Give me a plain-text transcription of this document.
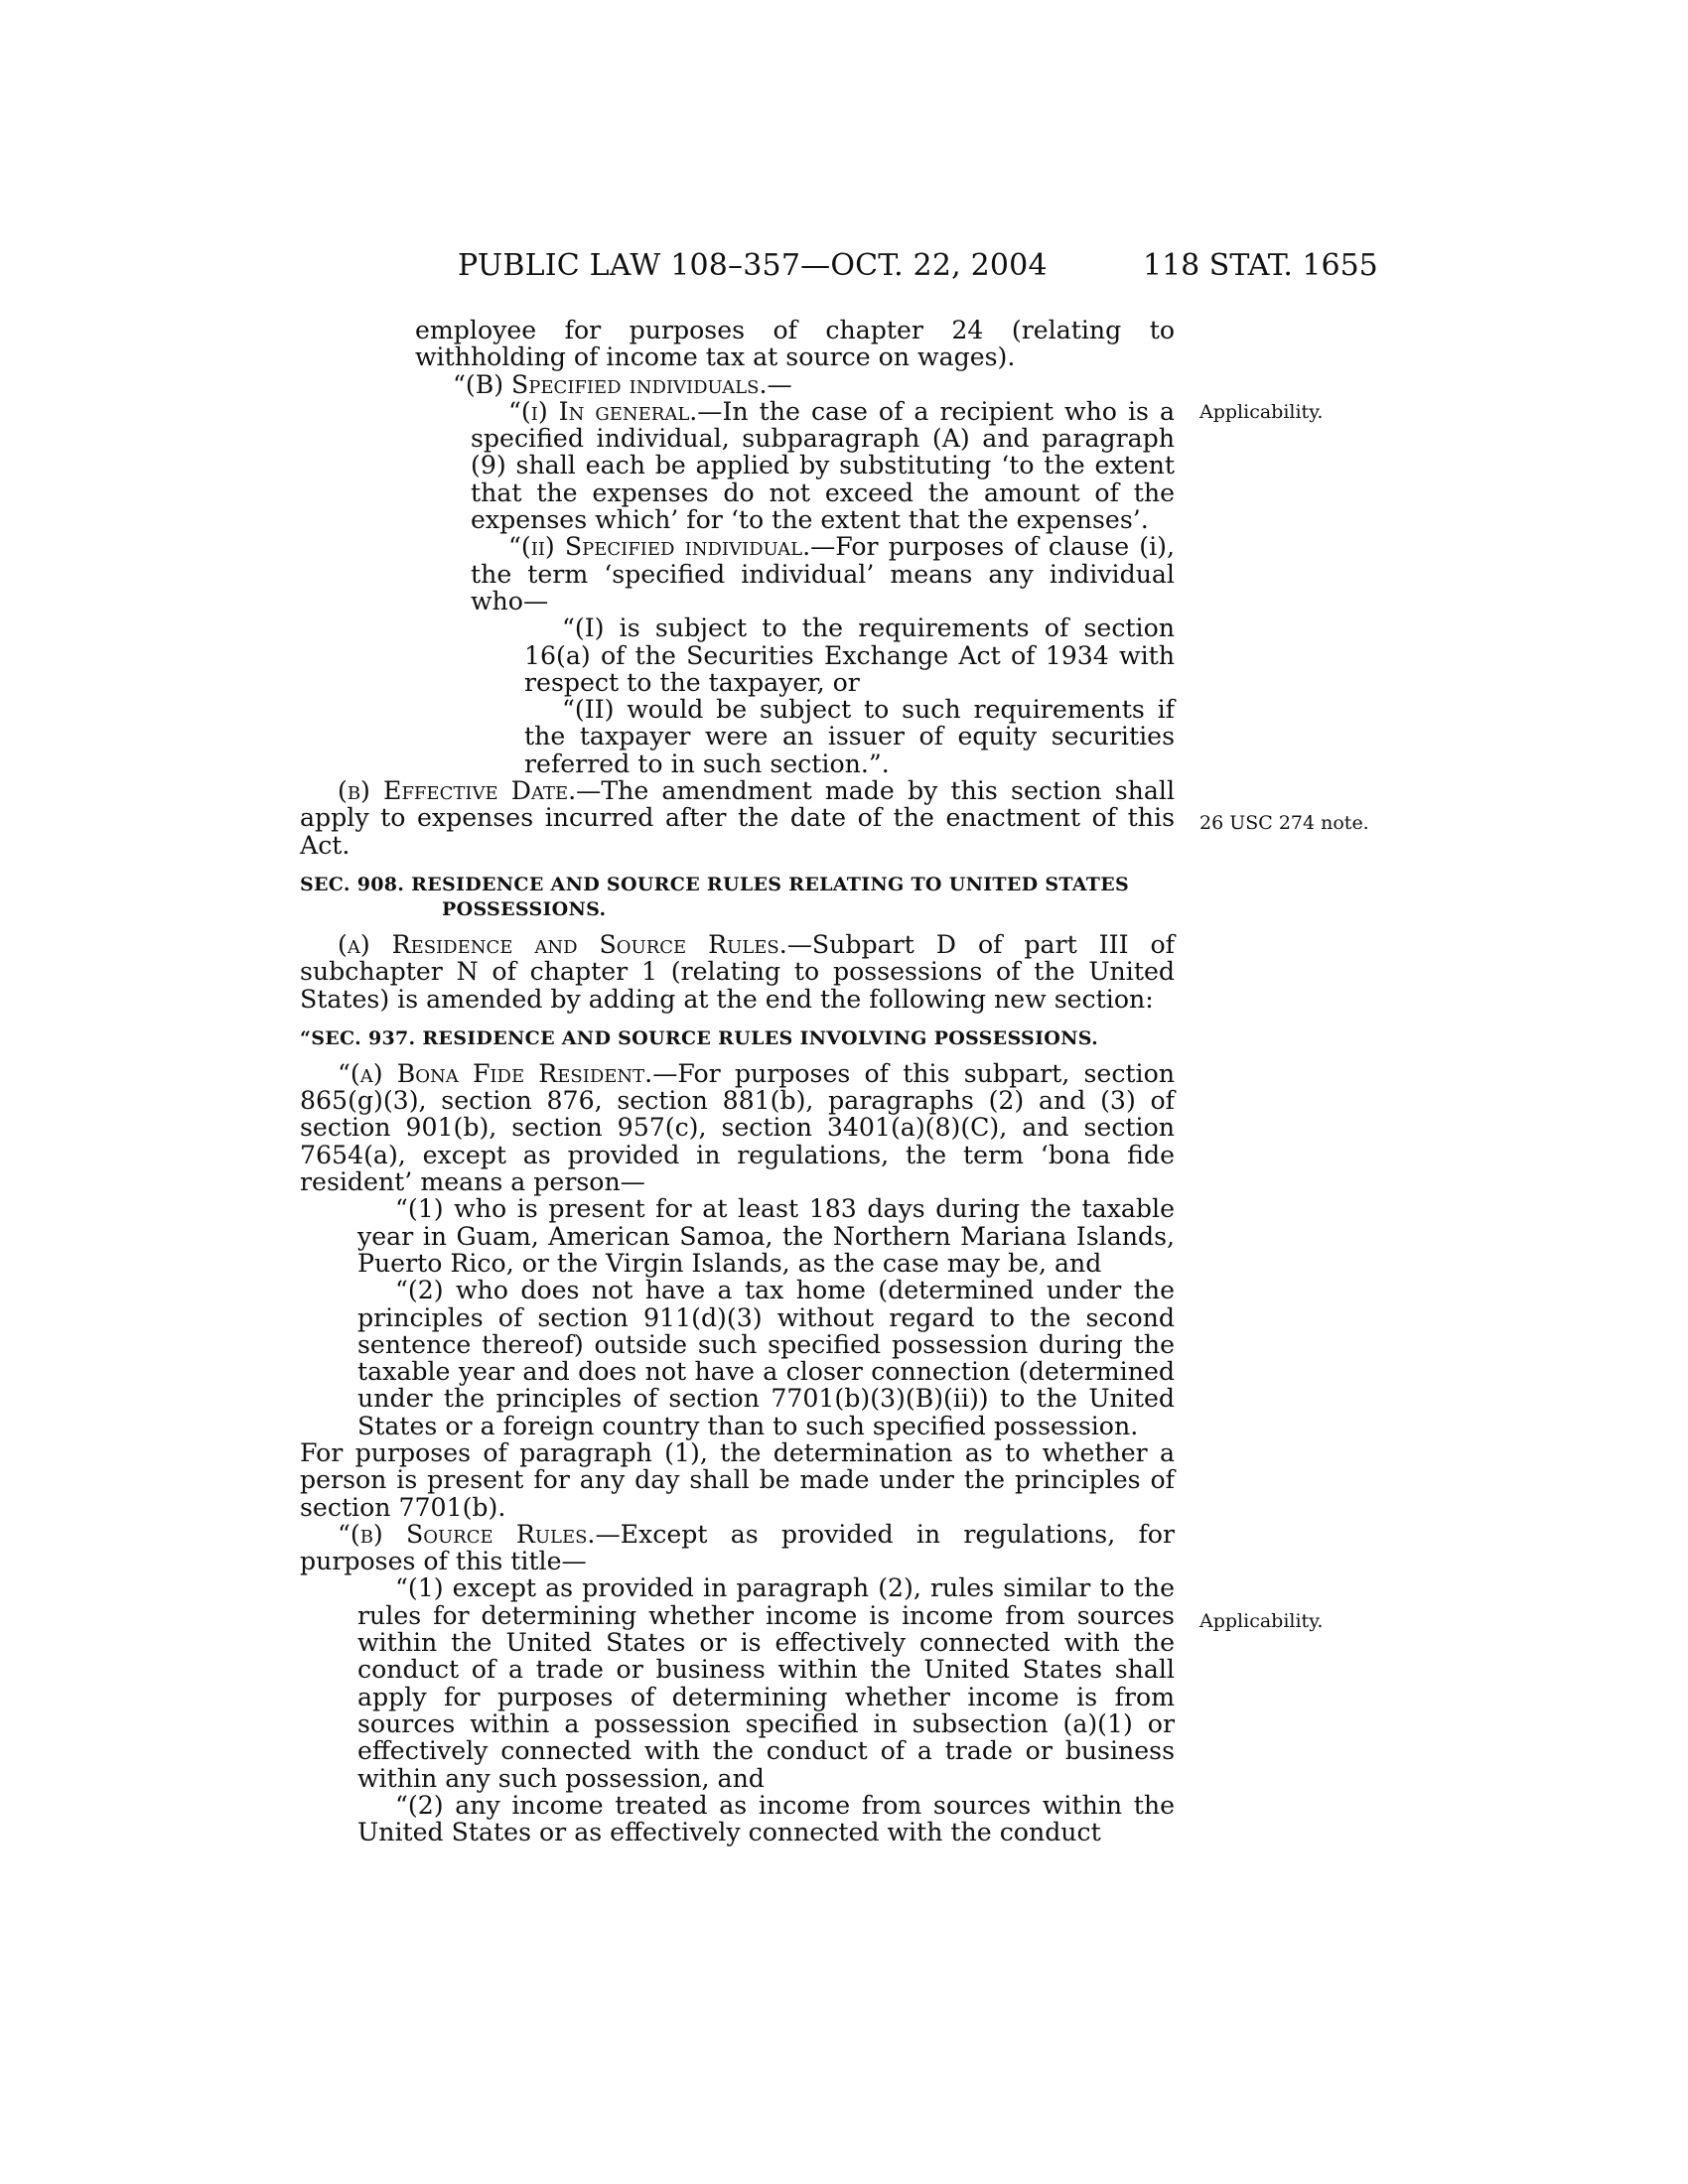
PUBLIC LAW 108–357—OCT. 22, 2004	118 STAT. 1655
Applicability.
26 USC 274 note.
Applicability.

employee for purposes of chapter 24 (relating to withholding of income tax at source on wages).

“(B) Specified individuals.—

“(i) In general.—In the case of a recipient who is a specified individual, subparagraph (A) and paragraph (9) shall each be applied by substituting ‘to the extent that the expenses do not exceed the amount of the expenses which’ for ‘to the extent that the expenses’.

“(ii) Specified individual.—For purposes of clause (i), the term ‘specified individual’ means any individual who—

“(I) is subject to the requirements of section 16(a) of the Securities Exchange Act of 1934 with respect to the taxpayer, or

“(II) would be subject to such requirements if the taxpayer were an issuer of equity securities referred to in such section.”.

(b) Effective Date.—The amendment made by this section shall apply to expenses incurred after the date of the enactment of this Act.

SEC. 908. RESIDENCE AND SOURCE RULES RELATING TO UNITED STATES POSSESSIONS.

(a) Residence and Source Rules.—Subpart D of part III of subchapter N of chapter 1 (relating to possessions of the United States) is amended by adding at the end the following new section:

“SEC. 937. RESIDENCE AND SOURCE RULES INVOLVING POSSESSIONS.

“(a) Bona Fide Resident.—For purposes of this subpart, section 865(g)(3), section 876, section 881(b), paragraphs (2) and (3) of section 901(b), section 957(c), section 3401(a)(8)(C), and section 7654(a), except as provided in regulations, the term ‘bona fide resident’ means a person—

“(1) who is present for at least 183 days during the taxable year in Guam, American Samoa, the Northern Mariana Islands, Puerto Rico, or the Virgin Islands, as the case may be, and

“(2) who does not have a tax home (determined under the principles of section 911(d)(3) without regard to the second sentence thereof) outside such specified possession during the taxable year and does not have a closer connection (determined under the principles of section 7701(b)(3)(B)(ii)) to the United States or a foreign country than to such specified possession.

For purposes of paragraph (1), the determination as to whether a person is present for any day shall be made under the principles of section 7701(b).

“(b) Source Rules.—Except as provided in regulations, for purposes of this title—

“(1) except as provided in paragraph (2), rules similar to the rules for determining whether income is income from sources within the United States or is effectively connected with the conduct of a trade or business within the United States shall apply for purposes of determining whether income is from sources within a possession specified in subsection (a)(1) or effectively connected with the conduct of a trade or business within any such possession, and

“(2) any income treated as income from sources within the United States or as effectively connected with the conduct
